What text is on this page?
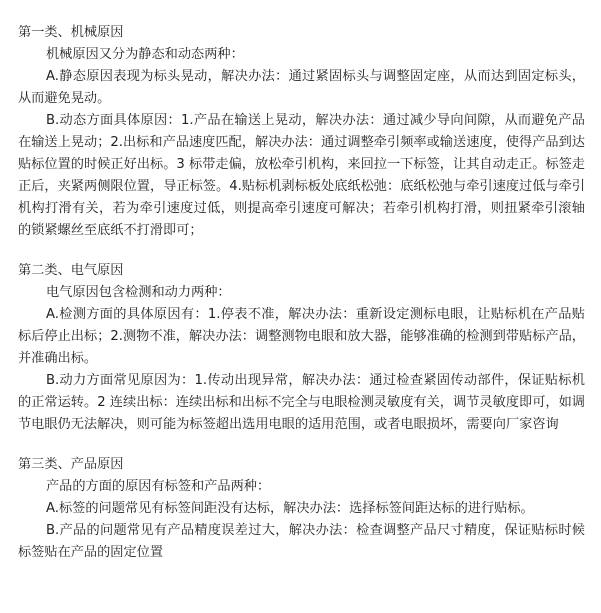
第一类、机械原因
机械原因又分为静态和动态两种：

A.静态原因表现为标头晃动，解决办法：通过紧固标头与调整固定座，从而达到固定标头，从而避免晃动。

B.动态方面具体原因：1.产品在输送上晃动，解决办法：通过减少导向间隙，从而避免产品在输送上晃动；2.出标和产品速度匹配，解决办法：通过调整牵引频率或输送速度，使得产品到达贴标位置的时候正好出标。3 标带走偏，放松牵引机构，来回拉一下标签，让其自动走正。标签走正后，夹紧两侧限位置，导正标签。4.贴标机剥标板处底纸松弛：底纸松弛与牵引速度过低与牵引机构打滑有关，若为牵引速度过低，则提高牵引速度可解决；若牵引机构打滑，则扭紧牵引滚轴的锁紧螺丝至底纸不打滑即可；

第二类、电气原因
电气原因包含检测和动力两种：

A.检测方面的具体原因有：1.停表不准，解决办法：重新设定测标电眼，让贴标机在产品贴标后停止出标；2.测物不准，解决办法：调整测物电眼和放大器，能够准确的检测到带贴标产品，并准确出标。

B.动力方面常见原因为：1.传动出现异常，解决办法：通过检查紧固传动部件，保证贴标机的正常运转。2 连续出标：连续出标和出标不完全与电眼检测灵敏度有关，调节灵敏度即可，如调节电眼仍无法解决，则可能为标签超出选用电眼的适用范围，或者电眼损坏，需要向厂家咨询

第三类、产品原因
产品的方面的原因有标签和产品两种：

A.标签的问题常见有标签间距没有达标，解决办法：选择标签间距达标的进行贴标。

B.产品的问题常见有产品精度误差过大，解决办法：检查调整产品尺寸精度，保证贴标时候标签贴在产品的固定位置
